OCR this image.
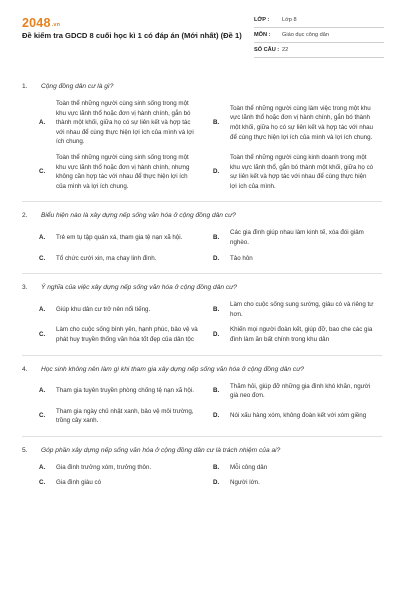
2048.vn
Đề kiểm tra GDCD 8 cuối học kì 1 có đáp án (Mới nhất) (Đề 1)
LỚP :	Lớp 8
MÔN :	Giáo dục công dân
SỐ CÂU : 22
1. Cộng đồng dân cư là gì?
A.
Toàn thể những người cùng sinh sống trong một khu vực lãnh thổ hoặc đơn vị hành chính, gắn bó thành một khối, giữa họ có sự liên kết và hợp tác với nhau để cùng thực hiện lợi ích của mình và lợi ích chung.
B.
Toàn thể những người cùng làm việc trong một khu vực lãnh thổ hoặc đơn vị hành chính, gắn bó thành một khối, giữa họ có sự liên kết và hợp tác với nhau để cùng thực hiện lợi ích của mình và lợi ích chung.
C.
Toàn thể những người cùng sinh sống trong một khu vực lãnh thổ hoặc đơn vị hành chính, nhưng không cần hợp tác với nhau để thực hiện lợi ích của mình và lợi ích chung.
D.
Toàn thể những người cùng kinh doanh trong một khu vực lãnh thổ, gắn bó thành một khối, giữa họ có sự liên kết và hợp tác với nhau để cùng thực hiện lợi ích của mình.
2. Biểu hiện nào là xây dựng nếp sống văn hóa ở cộng đồng dân cư?
A.	Trẻ em tụ tập quán xá, tham gia tệ nạn xã hội.	B.
Các gia đình giúp nhau làm kinh tế, xóa đói giảm nghèo.
C.	Tổ chức cưới xin, ma chay linh đình.	D.	Tảo hôn
3. Ý nghĩa của việc xây dựng nếp sống văn hóa ở cộng đồng dân cư?
A.	Giúp khu dân cư trở nên nổi tiếng.	B.
Làm cho cuộc sống sung sướng, giàu có và riêng tư hơn.
C.
Làm cho cuộc sống bình yên, hạnh phúc, bảo vệ và phát huy truyền thống văn hóa tốt đẹp của dân tộc
D.
Khiến mọi người đoàn kết, giúp đỡ, bao che các gia đình làm ăn bất chính trong khu dân
4. Học sinh không nên làm gì khi tham gia xây dựng nếp sống văn hóa ở cộng đồng dân cư?
A.	Tham gia tuyên truyền phòng chống tệ nạn xã hội.	B.
Thăm hỏi, giúp đỡ những gia đình khó khăn, người già neo đơn.
C.
Tham gia ngày chủ nhật xanh, bảo vệ môi trường, trồng cây xanh.
D.	Nói xấu hàng xóm, không đoàn kết với xóm giềng
5. Góp phần xây dựng nếp sống văn hóa ở cộng đồng dân cư là trách nhiệm của ai?
A.	Gia đình trưởng xóm, trưởng thôn.	B.	Mỗi công dân
C.	Gia đình giàu có	D.	Người lớn.
